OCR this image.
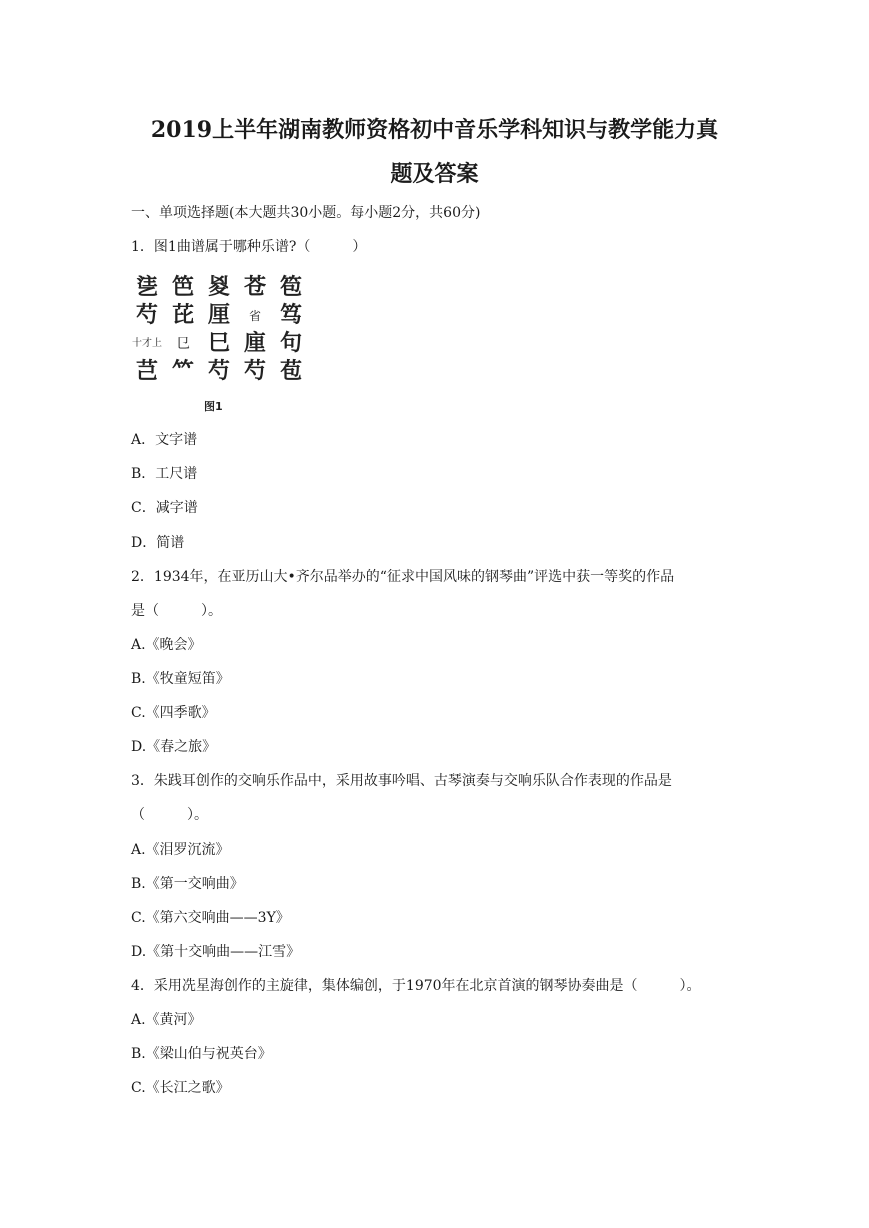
2019上半年湖南教师资格初中音乐学科知识与教学能力真
题及答案

一、单项选择题(本大题共30小题。每小题2分，共60分)

1．图1曲谱属于哪种乐谱?（　　　）

乼
芍
十才上
芑
笆
芘
㔾
𥫗
㚇
厘
巳
芍
苍
省
㢆
芍
笣
笃
句
苞
图1

A．文字谱

B．工尺谱

C．减字谱

D．简谱

2．1934年，在亚历山大•齐尔品举办的“征求中国风味的钢琴曲”评选中获一等奖的作品

是（　　　）。

A.《晚会》

B.《牧童短笛》

C.《四季歌》

D.《春之旅》

3．朱践耳创作的交响乐作品中，采用故事吟唱、古琴演奏与交响乐队合作表现的作品是

（　　　）。

A.《泪罗沉流》

B.《第一交响曲》

C.《第六交响曲——3Y》

D.《第十交响曲——江雪》

4．采用冼星海创作的主旋律，集体编创，于1970年在北京首演的钢琴协奏曲是（　　　）。

A.《黄河》

B.《梁山伯与祝英台》

C.《长江之歌》
